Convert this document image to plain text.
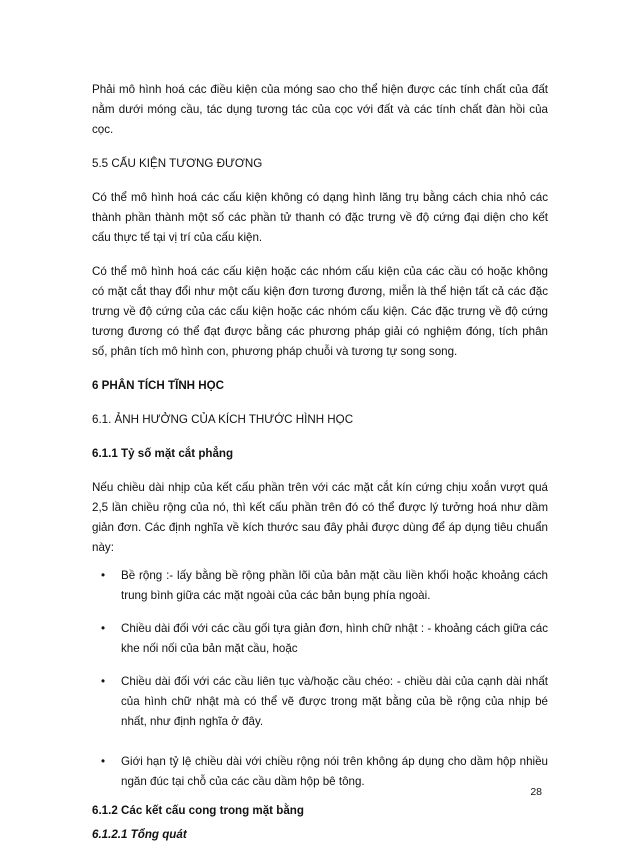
Phải mô hình hoá các điều kiện của móng sao cho thể hiện được các tính chất của đất nằm dưới móng cầu, tác dụng tương tác của cọc với đất và các tính chất đàn hồi của cọc.

5.5 CẤU KIỆN TƯƠNG ĐƯƠNG

Có thể mô hình hoá các cấu kiện không có dạng hình lăng trụ bằng cách chia nhỏ các thành phần thành một số các phần tử thanh có đặc trưng về độ cứng đại diện cho kết cấu thực tế tại vị trí của cấu kiện.

Có thể mô hình hoá các cấu kiện hoặc các nhóm cấu kiện của các cầu có hoặc không có mặt cắt thay đổi như một cấu kiện đơn tương đương, miễn là thể hiện tất cả các đặc trưng về độ cứng của các cấu kiện hoặc các nhóm cấu kiện. Các đặc trưng về độ cứng tương đương có thể đạt được bằng các phương pháp giải có nghiệm đóng, tích phân số, phân tích mô hình con, phương pháp chuỗi và tương tự song song.

6 PHÂN TÍCH TĨNH HỌC
6.1. ẢNH HƯỞNG CỦA KÍCH THƯỚC HÌNH HỌC
6.1.1 Tỷ số mặt cắt phẳng

Nếu chiều dài nhịp của kết cấu phần trên với các mặt cắt kín cứng chịu xoắn vượt quá 2,5 lần chiều rộng của nó, thì kết cấu phần trên đó có thể được lý tưởng hoá như dầm giản đơn. Các định nghĩa về kích thước sau đây phải được dùng để áp dụng tiêu chuẩn này:

• Bề rộng :- lấy bằng bề rộng phần lõi của bản mặt cầu liền khối hoặc khoảng cách trung bình giữa các mặt ngoài của các bản bụng phía ngoài.
• Chiều dài đối với các cầu gối tựa giản đơn, hình chữ nhật : - khoảng cách giữa các khe nối nối của bản mặt cầu, hoặc
• Chiều dài đối với các cầu liên tục và/hoặc cầu chéo: - chiều dài của cạnh dài nhất của hình chữ nhật mà có thể vẽ được trong mặt bằng của bề rộng của nhịp bé nhất, như định nghĩa ở đây.
• Giới hạn tỷ lệ chiều dài với chiều rộng nói trên không áp dụng cho dầm hộp nhiều ngăn đúc tại chỗ của các cầu dầm hộp bê tông.
6.1.2 Các kết cấu cong trong mặt bằng
6.1.2.1 Tổng quát
28
